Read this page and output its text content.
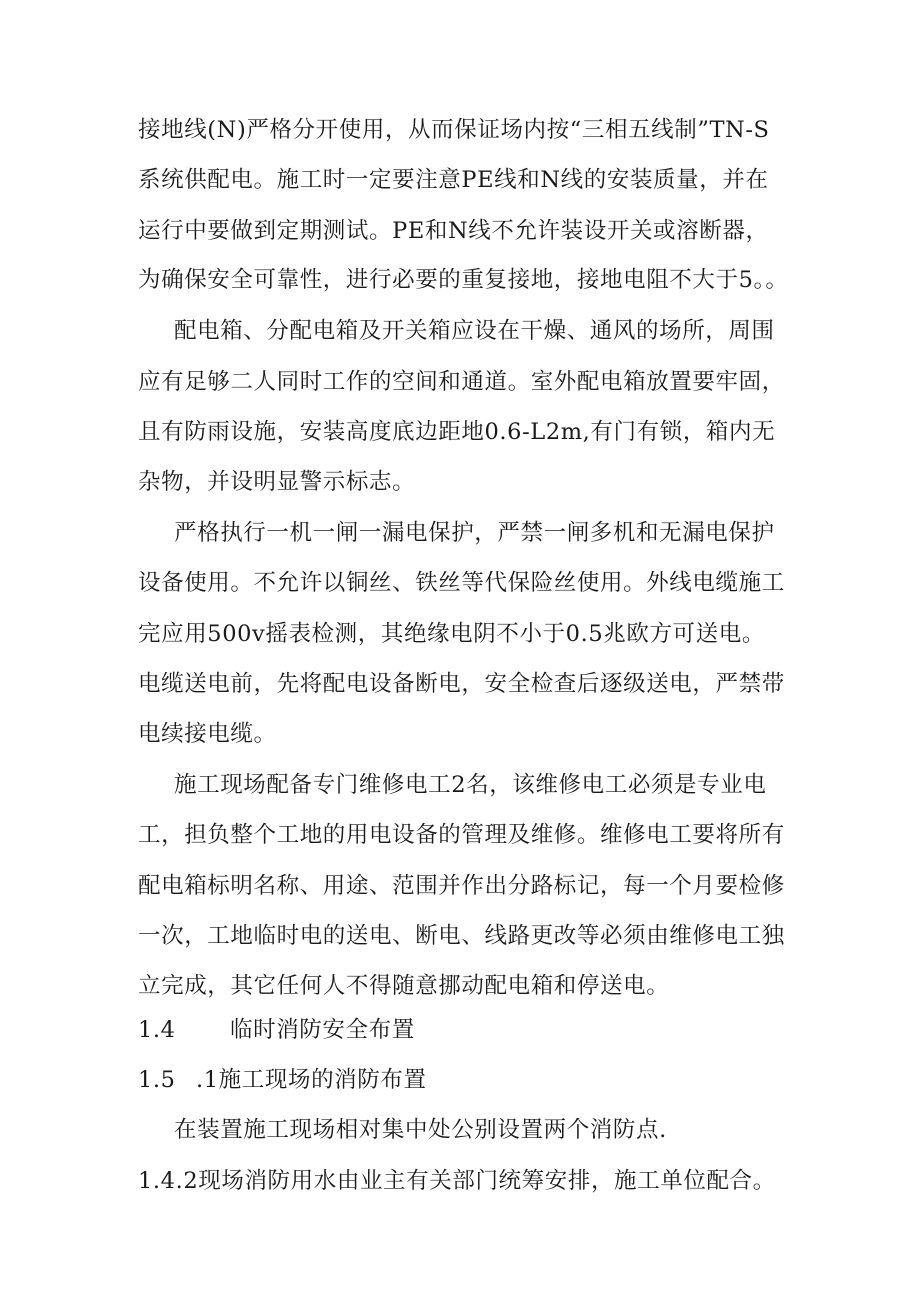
接地线(N)严格分开使用，从而保证场内按“三相五线制”TN-S
系统供配电。施工时一定要注意PE线和N线的安装质量，并在
运行中要做到定期测试。PE和N线不允许装设开关或溶断器，
为确保安全可靠性，进行必要的重复接地，接地电阻不大于5。。
配电箱、分配电箱及开关箱应设在干燥、通风的场所，周围
应有足够二人同时工作的空间和通道。室外配电箱放置要牢固，
且有防雨设施，安装高度底边距地0.6-L2m,有门有锁，箱内无
杂物，并设明显警示标志。
严格执行一机一闸一漏电保护，严禁一闸多机和无漏电保护
设备使用。不允许以铜丝、铁丝等代保险丝使用。外线电缆施工
完应用500v摇表检测，其绝缘电阴不小于0.5兆欧方可送电。
电缆送电前，先将配电设备断电，安全检查后逐级送电，严禁带
电续接电缆。
施工现场配备专门维修电工2名，该维修电工必须是专业电
工，担负整个工地的用电设备的管理及维修。维修电工要将所有
配电箱标明名称、用途、范围并作出分路标记，每一个月要检修
一次，工地临时电的送电、断电、线路更改等必须由维修电工独
立完成，其它任何人不得随意挪动配电箱和停送电。
1.4 临时消防安全布置
1.5 .1施工现场的消防布置
在装置施工现场相对集中处公别设置两个消防点.
1.4.2现场消防用水由业主有关部门统筹安排，施工单位配合。
